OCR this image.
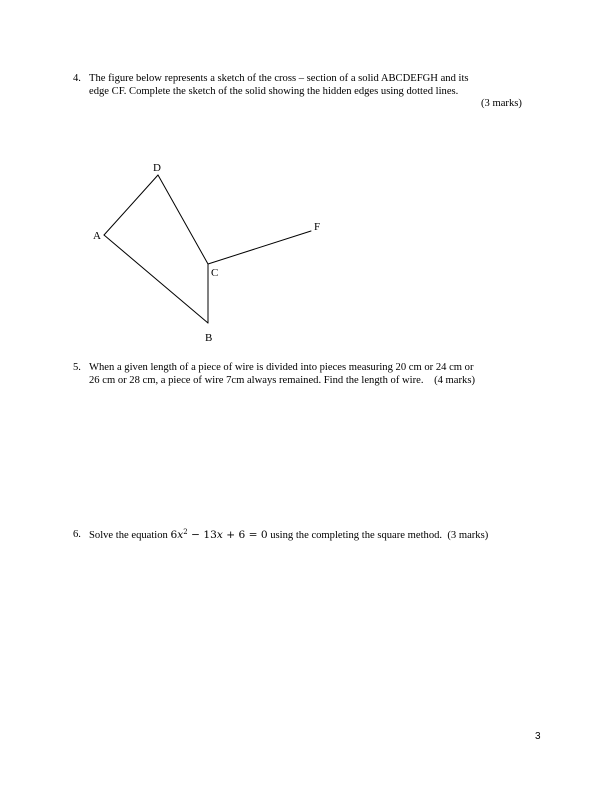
4. The figure below represents a sketch of the cross – section of a solid ABCDEFGH and its
edge CF. Complete the sketch of the solid showing the hidden edges using dotted lines.
(3 marks)
D
A
C
B
F
5. When a given length of a piece of wire is divided into pieces measuring 20 cm or 24 cm or
26 cm or 28 cm, a piece of wire 7cm always remained. Find the length of wire. (4 marks)
6. Solve the equation $6x^2 - 13x + 6 = 0$ using the completing the square method. (3 marks)
3
